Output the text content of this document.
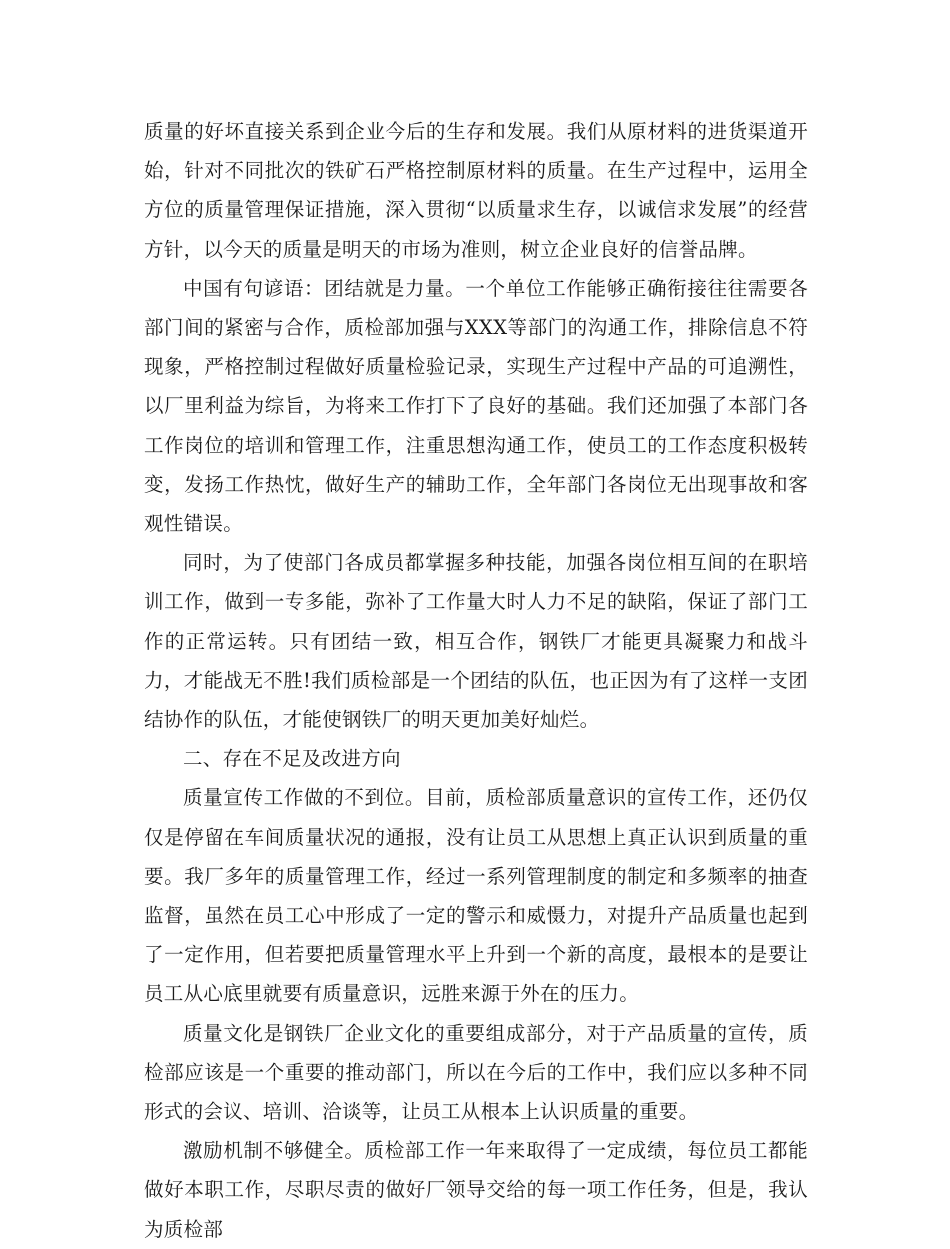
质量的好坏直接关系到企业今后的生存和发展。我们从原材料的进货渠道开始，针对不同批次的铁矿石严格控制原材料的质量。在生产过程中，运用全方位的质量管理保证措施，深入贯彻“以质量求生存，以诚信求发展”的经营方针，以今天的质量是明天的市场为准则，树立企业良好的信誉品牌。

中国有句谚语：团结就是力量。一个单位工作能够正确衔接往往需要各部门间的紧密与合作，质检部加强与XXX等部门的沟通工作，排除信息不符现象，严格控制过程做好质量检验记录，实现生产过程中产品的可追溯性，以厂里利益为综旨，为将来工作打下了良好的基础。我们还加强了本部门各工作岗位的培训和管理工作，注重思想沟通工作，使员工的工作态度积极转变，发扬工作热忱，做好生产的辅助工作，全年部门各岗位无出现事故和客观性错误。

同时，为了使部门各成员都掌握多种技能，加强各岗位相互间的在职培训工作，做到一专多能，弥补了工作量大时人力不足的缺陷，保证了部门工作的正常运转。只有团结一致，相互合作，钢铁厂才能更具凝聚力和战斗力，才能战无不胜!我们质检部是一个团结的队伍，也正因为有了这样一支团结协作的队伍，才能使钢铁厂的明天更加美好灿烂。

二、存在不足及改进方向

质量宣传工作做的不到位。目前，质检部质量意识的宣传工作，还仍仅仅是停留在车间质量状况的通报，没有让员工从思想上真正认识到质量的重要。我厂多年的质量管理工作，经过一系列管理制度的制定和多频率的抽查监督，虽然在员工心中形成了一定的警示和威慑力，对提升产品质量也起到了一定作用，但若要把质量管理水平上升到一个新的高度，最根本的是要让员工从心底里就要有质量意识，远胜来源于外在的压力。

质量文化是钢铁厂企业文化的重要组成部分，对于产品质量的宣传，质检部应该是一个重要的推动部门，所以在今后的工作中，我们应以多种不同形式的会议、培训、洽谈等，让员工从根本上认识质量的重要。

激励机制不够健全。质检部工作一年来取得了一定成绩，每位员工都能做好本职工作，尽职尽责的做好厂领导交给的每一项工作任务，但是，我认为质检部
